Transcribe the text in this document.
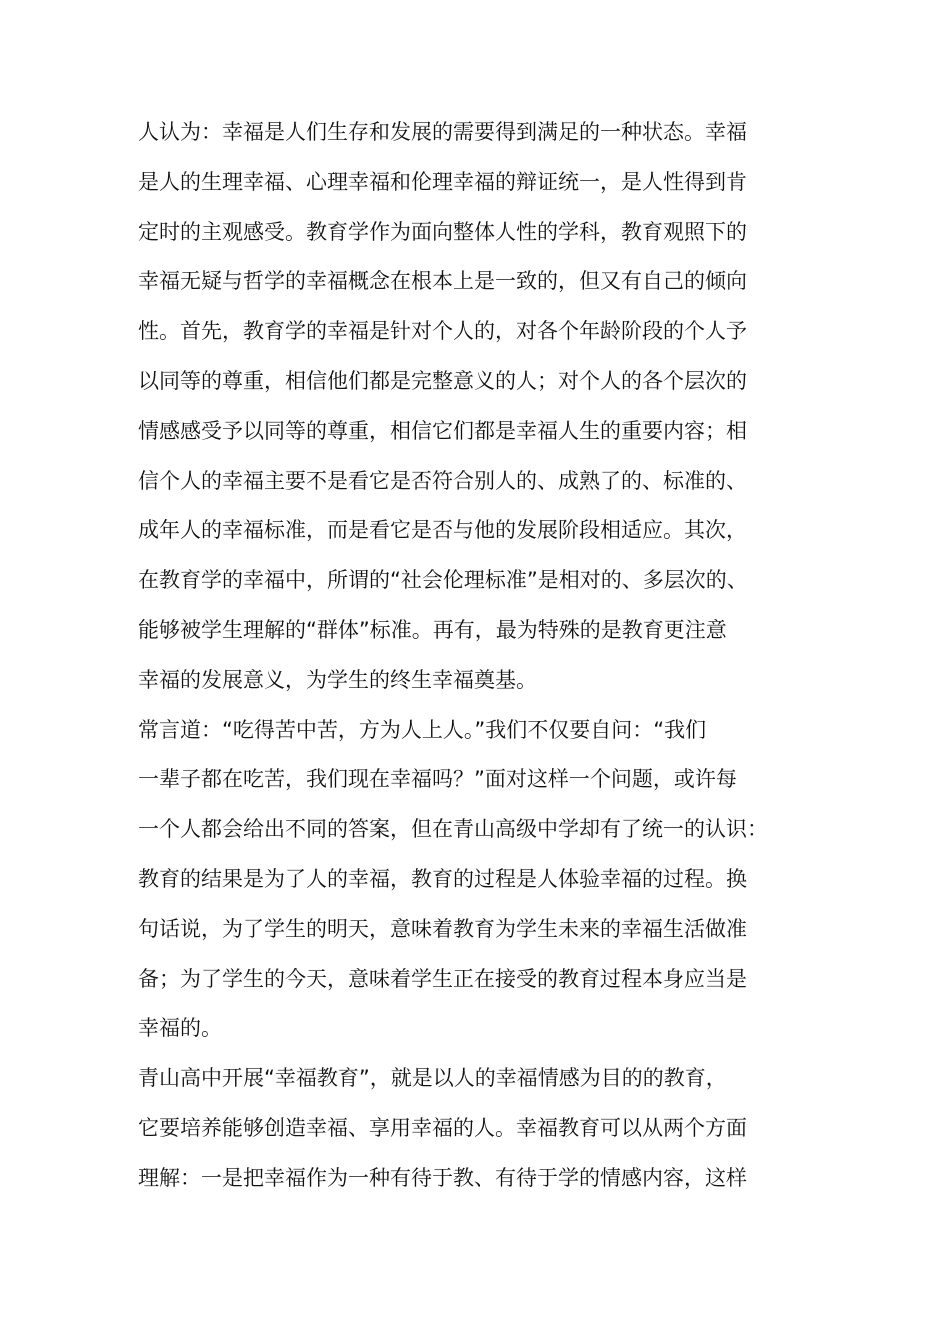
人认为：幸福是人们生存和发展的需要得到满足的一种状态。幸福
是人的生理幸福、心理幸福和伦理幸福的辩证统一，是人性得到肯
定时的主观感受。教育学作为面向整体人性的学科，教育观照下的
幸福无疑与哲学的幸福概念在根本上是一致的，但又有自己的倾向
性。首先，教育学的幸福是针对个人的，对各个年龄阶段的个人予
以同等的尊重，相信他们都是完整意义的人；对个人的各个层次的
情感感受予以同等的尊重，相信它们都是幸福人生的重要内容；相
信个人的幸福主要不是看它是否符合别人的、成熟了的、标准的、
成年人的幸福标准，而是看它是否与他的发展阶段相适应。其次，
在教育学的幸福中，所谓的“社会伦理标准”是相对的、多层次的、
能够被学生理解的“群体”标准。再有，最为特殊的是教育更注意
幸福的发展意义，为学生的终生幸福奠基。
常言道：“吃得苦中苦，方为人上人。”我们不仅要自问：“我们
一辈子都在吃苦，我们现在幸福吗？”面对这样一个问题，或许每
一个人都会给出不同的答案，但在青山高级中学却有了统一的认识：
教育的结果是为了人的幸福，教育的过程是人体验幸福的过程。换
句话说，为了学生的明天，意味着教育为学生未来的幸福生活做准
备；为了学生的今天，意味着学生正在接受的教育过程本身应当是
幸福的。
青山高中开展“幸福教育”，就是以人的幸福情感为目的的教育，
它要培养能够创造幸福、享用幸福的人。幸福教育可以从两个方面
理解：一是把幸福作为一种有待于教、有待于学的情感内容，这样
